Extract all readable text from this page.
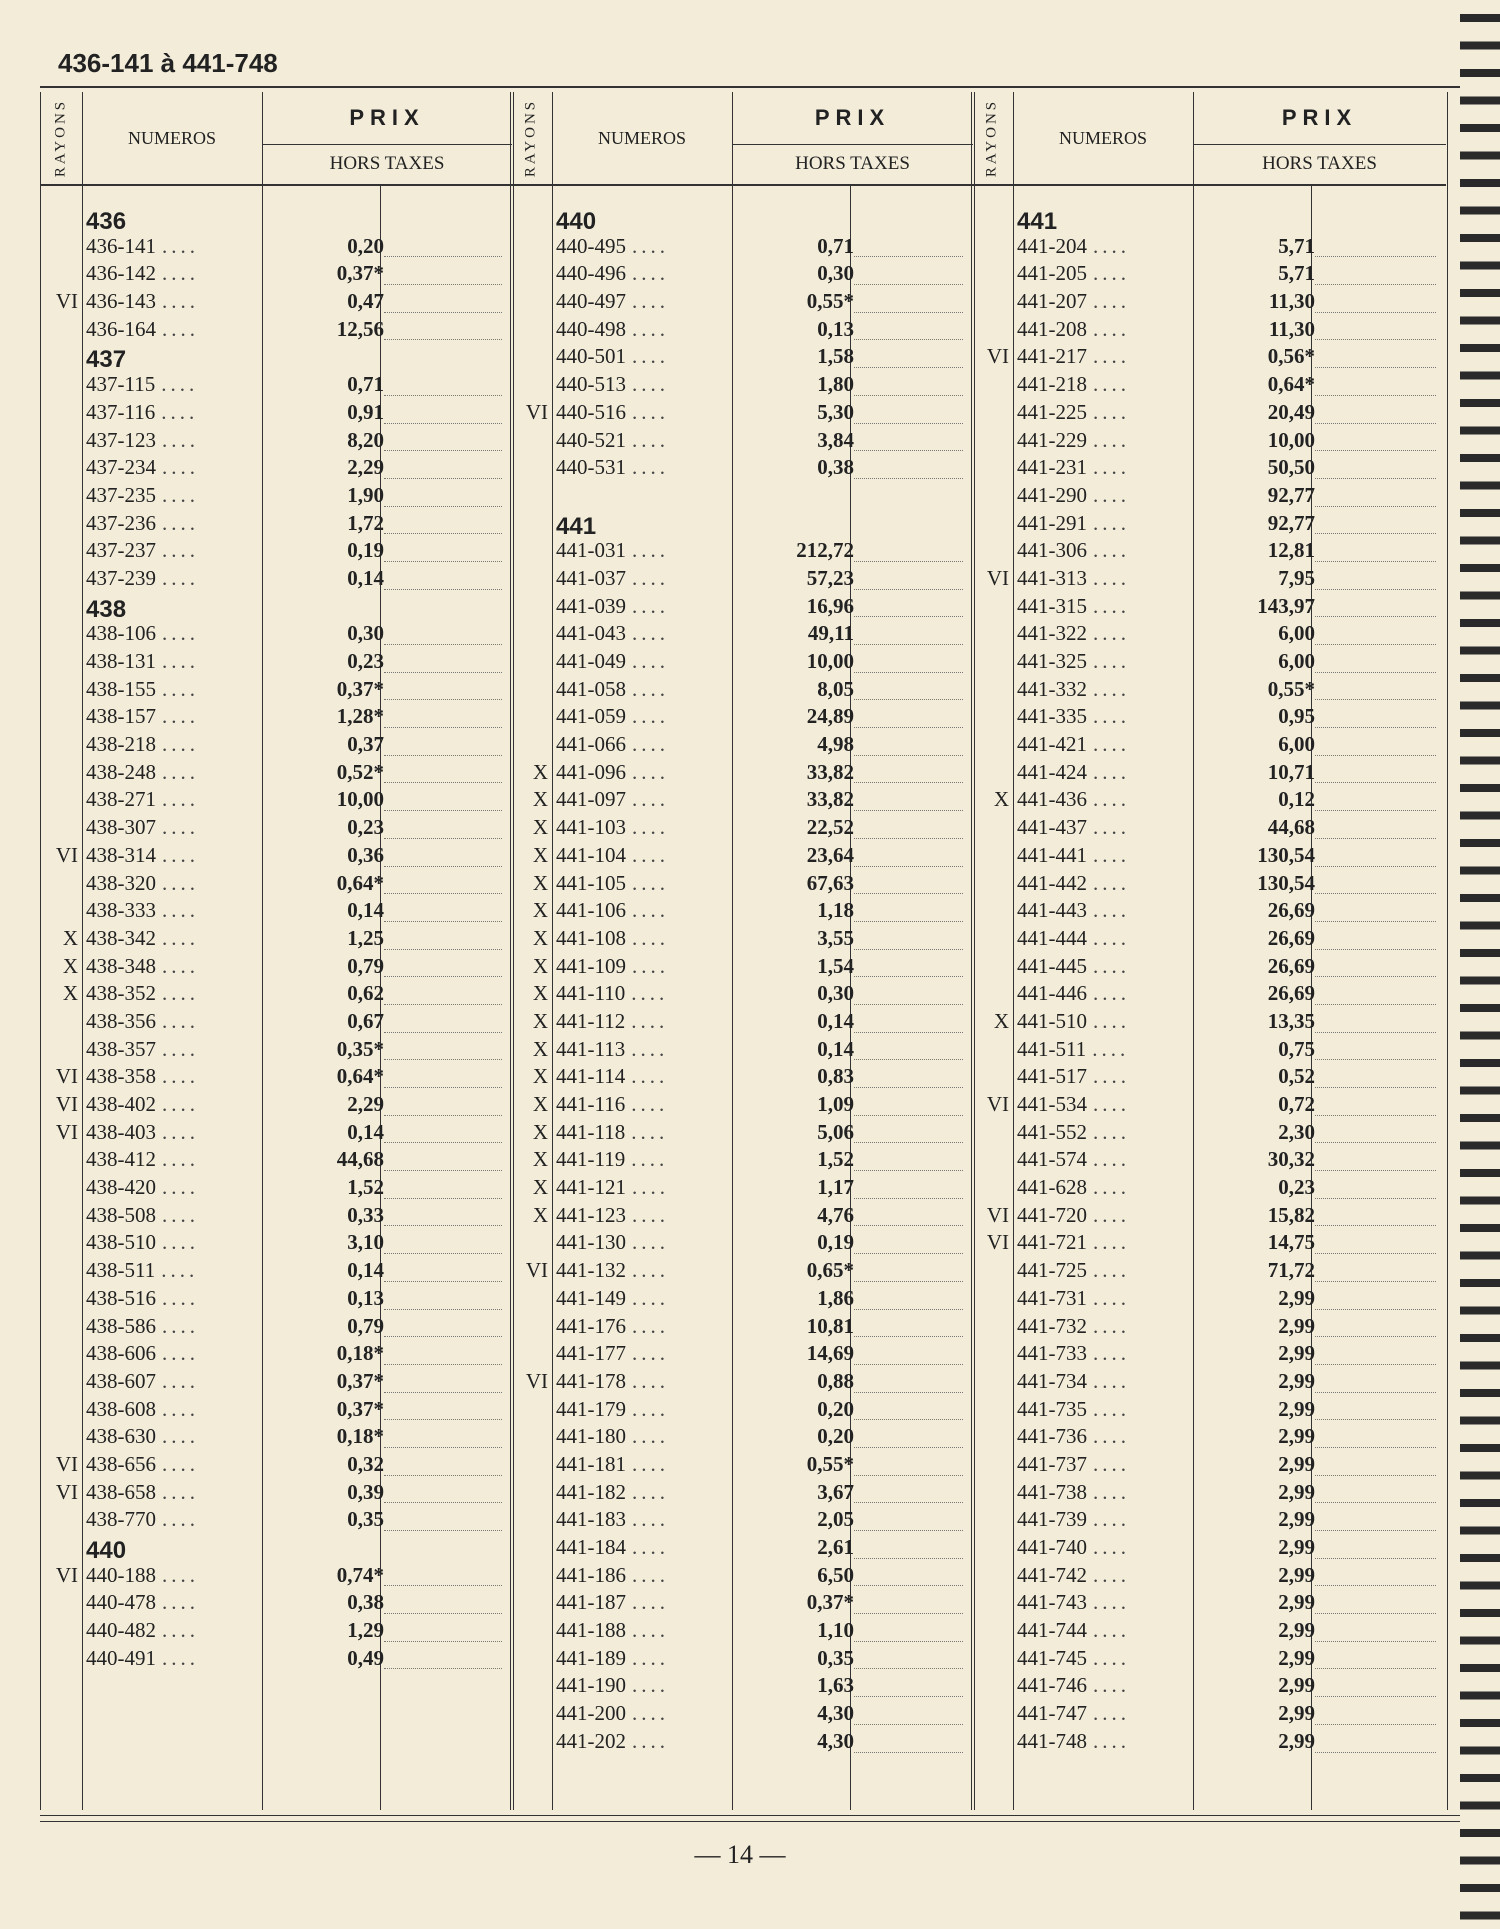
436-141 à 441-748
RAYONS	NUMEROS
PRIX
HORS TAXES
436
436-141 ....	0,20
436-142 ....	0,37*
VI 436-143 ....	0,47
436-164 ....	12,56
437
437-115 ....	0,71
437-116 ....	0,91
437-123 ....	8,20
437-234 ....	2,29
437-235 ....	1,90
437-236 ....	1,72
437-237 ....	0,19
437-239 ....	0,14
438
438-106 ....	0,30
438-131 ....	0,23
438-155 ....	0,37*
438-157 ....	1,28*
438-218 ....	0,37
438-248 ....	0,52*
438-271 ....	10,00
438-307 ....	0,23
VI 438-314 ....	0,36
438-320 ....	0,64*
438-333 ....	0,14
X 438-342 ....	1,25
X 438-348 ....	0,79
X 438-352 ....	0,62
438-356 ....	0,67
438-357 ....	0,35*
VI 438-358 ....	0,64*
VI 438-402 ....	2,29
VI 438-403 ....	0,14
438-412 ....	44,68
438-420 ....	1,52
438-508 ....	0,33
438-510 ....	3,10
438-511 ....	0,14
438-516 ....	0,13
438-586 ....	0,79
438-606 ....	0,18*
438-607 ....	0,37*
438-608 ....	0,37*
438-630 ....	0,18*
VI 438-656 ....	0,32
VI 438-658 ....	0,39
438-770 ....	0,35
440
VI 440-188 ....	0,74*
440-478 ....	0,38
440-482 ....	1,29
440-491 ....	0,49
RAYONS	NUMEROS
PRIX
HORS TAXES
440
440-495 ....	0,71
440-496 ....	0,30
440-497 ....	0,55*
440-498 ....	0,13
440-501 ....	1,58
440-513 ....	1,80
VI 440-516 ....	5,30
440-521 ....	3,84
440-531 ....	0,38
441
441-031 ....	212,72
441-037 ....	57,23
441-039 ....	16,96
441-043 ....	49,11
441-049 ....	10,00
441-058 ....	8,05
441-059 ....	24,89
441-066 ....	4,98
X 441-096 ....	33,82
X 441-097 ....	33,82
X 441-103 ....	22,52
X 441-104 ....	23,64
X 441-105 ....	67,63
X 441-106 ....	1,18
X 441-108 ....	3,55
X 441-109 ....	1,54
X 441-110 ....	0,30
X 441-112 ....	0,14
X 441-113 ....	0,14
X 441-114 ....	0,83
X 441-116 ....	1,09
X 441-118 ....	5,06
X 441-119 ....	1,52
X 441-121 ....	1,17
X 441-123 ....	4,76
441-130 ....	0,19
VI 441-132 ....	0,65*
441-149 ....	1,86
441-176 ....	10,81
441-177 ....	14,69
VI 441-178 ....	0,88
441-179 ....	0,20
441-180 ....	0,20
441-181 ....	0,55*
441-182 ....	3,67
441-183 ....	2,05
441-184 ....	2,61
441-186 ....	6,50
441-187 ....	0,37*
441-188 ....	1,10
441-189 ....	0,35
441-190 ....	1,63
441-200 ....	4,30
441-202 ....	4,30
RAYONS	NUMEROS
PRIX
HORS TAXES
441
441-204 ....	5,71
441-205 ....	5,71
441-207 ....	11,30
441-208 ....	11,30
VI 441-217 ....	0,56*
441-218 ....	0,64*
441-225 ....	20,49
441-229 ....	10,00
441-231 ....	50,50
441-290 ....	92,77
441-291 ....	92,77
441-306 ....	12,81
VI 441-313 ....	7,95
441-315 ....	143,97
441-322 ....	6,00
441-325 ....	6,00
441-332 ....	0,55*
441-335 ....	0,95
441-421 ....	6,00
441-424 ....	10,71
X 441-436 ....	0,12
441-437 ....	44,68
441-441 ....	130,54
441-442 ....	130,54
441-443 ....	26,69
441-444 ....	26,69
441-445 ....	26,69
441-446 ....	26,69
X 441-510 ....	13,35
441-511 ....	0,75
441-517 ....	0,52
VI 441-534 ....	0,72
441-552 ....	2,30
441-574 ....	30,32
441-628 ....	0,23
VI 441-720 ....	15,82
VI 441-721 ....	14,75
441-725 ....	71,72
441-731 ....	2,99
441-732 ....	2,99
441-733 ....	2,99
441-734 ....	2,99
441-735 ....	2,99
441-736 ....	2,99
441-737 ....	2,99
441-738 ....	2,99
441-739 ....	2,99
441-740 ....	2,99
441-742 ....	2,99
441-743 ....	2,99
441-744 ....	2,99
441-745 ....	2,99
441-746 ....	2,99
441-747 ....	2,99
441-748 ....	2,99
— 14 —
